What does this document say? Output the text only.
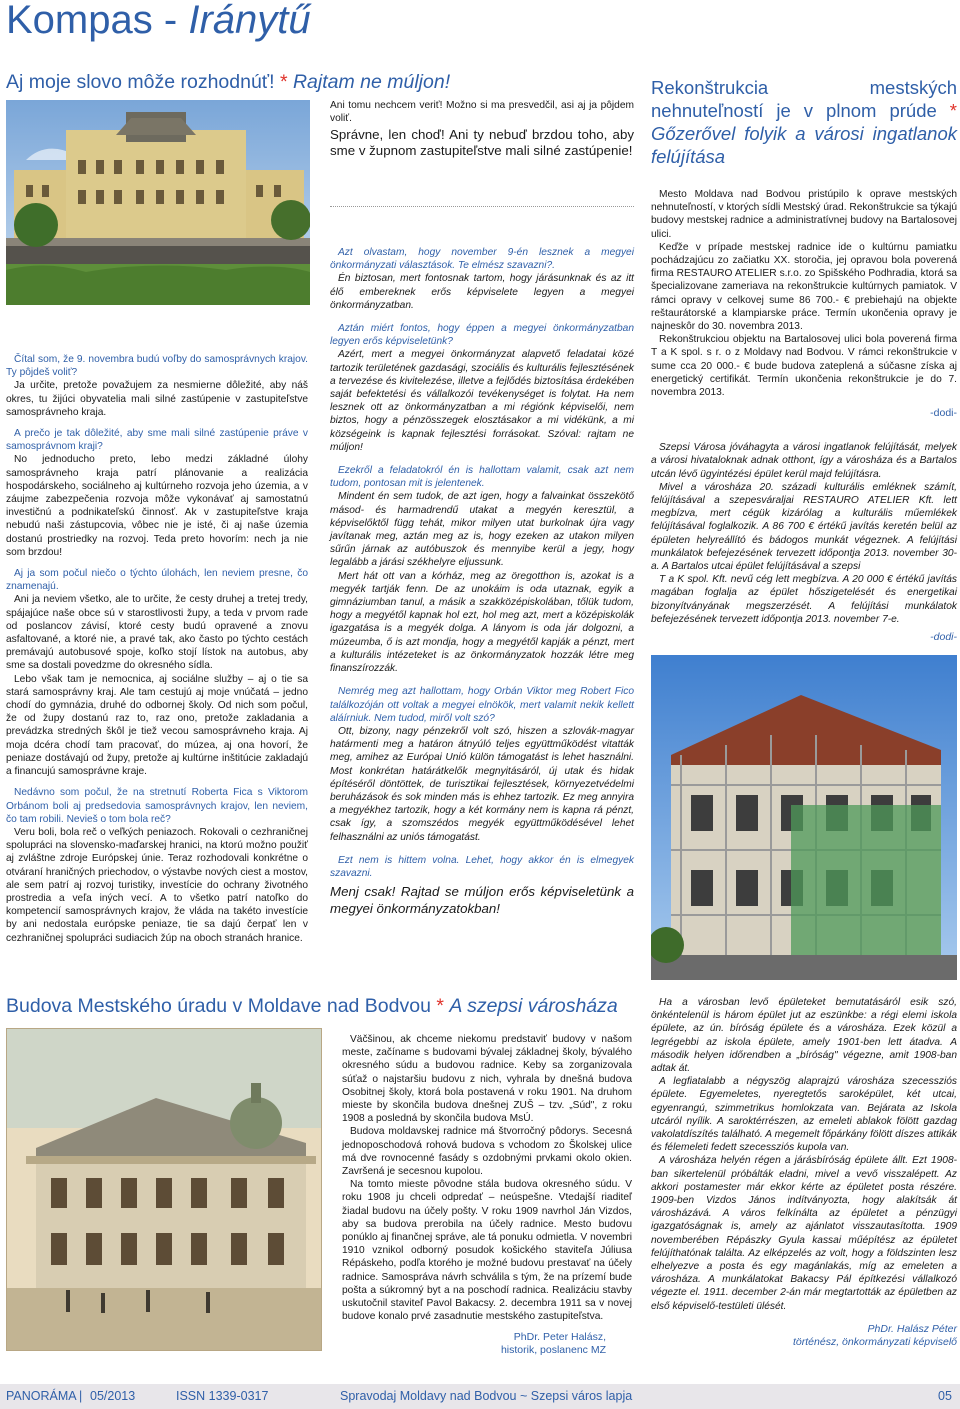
Kompas - Iránytű
Aj moje slovo môže rozhodnúť! * Rajtam ne múljon!

Čítal som, že 9. novembra budú voľby do samosprávnych krajov. Ty pôjdeš voliť?

Ja určite, pretože považujem za nesmierne dôležité, aby náš okres, tu žijúci obyvatelia mali silné zastúpenie v zastupiteľstve samosprávneho kraja.

A prečo je tak dôležité, aby sme mali silné zastúpenie práve v samosprávnom kraji?

No jednoducho preto, lebo medzi základné úlohy samosprávneho kraja patrí plánovanie a realizácia hospodárskeho, sociálneho aj kultúrneho rozvoja jeho územia, a v záujme zabezpečenia rozvoja môže vykonávať aj samostatnú investičnú a podnikateľskú činnosť. Ak v zastupiteľstve kraja nebudú naši zástupcovia, vôbec nie je isté, či aj naše územia dostanú prostriedky na rozvoj. Teda preto hovorím: nech ja nie som brzdou!

Aj ja som počul niečo o týchto úlohách, len neviem presne, čo znamenajú.

Ani ja neviem všetko, ale to určite, že cesty druhej a tretej tredy, spájajúce naše obce sú v starostlivosti župy, a teda v prvom rade od poslancov závisí, ktoré cesty budú opravené a znovu asfaltované, a ktoré nie, a pravé tak, ako často po týchto cestách premávajú autobusové spoje, koľko stojí lístok na autobus, aby sme sa dostali povedzme do okresného sídla.

Lebo však tam je nemocnica, aj sociálne služby – aj o tie sa stará samosprávny kraj. Ale tam cestujú aj moje vnúčatá – jedno chodí do gymnázia, druhé do odbornej školy. Od nich som počul, že od župy dostanú raz to, raz ono, pretože zakladania a prevádzka stredných škôl je tiež vecou samosprávneho kraja. Aj moja dcéra chodí tam pracovať, do múzea, aj ona hovorí, že peniaze dostávajú od župy, pretože aj kultúrne inštitúcie zakladajú a financujú samosprávne kraje.

Nedávno som počul, že na stretnutí Roberta Fica s Viktorom Orbánom boli aj predsedovia samosprávnych krajov, len neviem, čo tam robili. Nevieš o tom bola reč?

Veru boli, bola reč o veľkých peniazoch. Rokovali o cezhraničnej spolupráci na slovensko-maďarskej hranici, na ktorú možno použiť aj zvláštne zdroje Európskej únie. Teraz rozhodovali konkrétne o otváraní hraničných priechodov, o výstavbe nových ciest a mostov, ale sem patrí aj rozvoj turistiky, investície do ochrany životného prostredia a veľa iných vecí. A to všetko patrí natoľko do kompetencií samosprávnych krajov, že vláda na takéto investície by ani nedostala európske peniaze, tie sa dajú čerpať len v cezhraničnej spolupráci sudiacich žúp na oboch stranách hranice.

Ani tomu nechcem veriť! Možno si ma presvedčil, asi aj ja pôjdem voliť.

Správne, len choď! Ani ty nebuď brzdou toho, aby sme v župnom zastupiteľstve mali silné zastúpenie!

Azt olvastam, hogy november 9-én lesznek a megyei önkormányzati választások. Te elmész szavazni?.

Én biztosan, mert fontosnak tartom, hogy járásunknak és az itt élő embereknek erős képviselete legyen a megyei önkormányzatban.

Aztán miért fontos, hogy éppen a megyei önkormányzatban legyen erős képviseletünk?

Azért, mert a megyei önkormányzat alapvető feladatai közé tartozik területének gazdasági, szociális és kulturális fejlesztésének a tervezése és kivitelezése, illetve a fejlődés biztosítása érdekében saját befektetési és vállalkozói tevékenységet is folytat. Ha nem lesznek ott az önkormányzatban a mi régiónk képviselői, nem biztos, hogy a pénzösszegek elosztásakor a mi vidékünk, a mi községeink is kapnak fejlesztési forrásokat. Szóval: rajtam ne múljon!

Ezekről a feladatokról én is hallottam valamit, csak azt nem tudom, pontosan mit is jelentenek.

Mindent én sem tudok, de azt igen, hogy a falvainkat összekötő másod- és harmadrendű utakat a megyén keresztül, a képviselőktől függ tehát, mikor milyen utat burkolnak újra vagy javítanak meg, aztán meg az is, hogy ezeken az utakon milyen sűrűn járnak az autóbuszok és mennyibe kerül a jegy, hogy legalább a járási székhelyre eljussunk.

Mert hát ott van a kórház, meg az öregotthon is, azokat is a megyék tartják fenn. De az unokáim is oda utaznak, egyik a gimnáziumban tanul, a másik a szakközépiskolában, tőlük tudom, hogy a megyétől kapnak hol ezt, hol meg azt, mert a középiskolák igazgatása is a megyék dolga. A lányom is oda jár dolgozni, a múzeumba, ő is azt mondja, hogy a megyétől kapják a pénzt, mert a kulturális intézeteket is az önkormányzatok hozzák létre meg finanszírozzák.

Nemrég meg azt hallottam, hogy Orbán Viktor meg Robert Fico találkozóján ott voltak a megyei elnökök, mert valamit nekik kellett aláírniuk. Nem tudod, miről volt szó?

Ott, bizony, nagy pénzekről volt szó, hiszen a szlovák-magyar határmenti meg a határon átnyúló teljes együttműködést vitatták meg, amihez az Európai Unió külön támogatást is lehet használni. Most konkrétan határátkelők megnyitásáról, új utak és hidak építéséről döntöttek, de turisztikai fejlesztések, környezetvédelmi beruházások és sok minden más is ehhez tartozik. Ez meg annyira a megyékhez tartozik, hogy a két kormány nem is kapna rá pénzt, csak így, a szomszédos megyék együttműködésével lehet felhasználni az uniós támogatást.

Ezt nem is hittem volna. Lehet, hogy akkor én is elmegyek szavazni.

Menj csak! Rajtad se múljon erős képviseletünk a megyei önkormányzatokban!

Rekonštrukcia mestských nehnuteľností je v plnom prúde * Gőzerővel folyik a városi ingatlanok felújítása

Mesto Moldava nad Bodvou pristúpilo k oprave mestských nehnuteľností, v ktorých sídli Mestský úrad. Rekonštrukcie sa týkajú budovy mestskej radnice a administratívnej budovy na Bartalosovej ulici.

Keďže v prípade mestskej radnice ide o kultúrnu pamiatku pochádzajúcu zo začiatku XX. storočia, jej opravou bola poverená firma RESTAURO ATELIER s.r.o. zo Spišského Podhradia, ktorá sa špecializovane zameriava na rekonštrukcie kultúrnych pamiatok. V rámci opravy v celkovej sume 86 700.- € prebiehajú na objekte reštaurátorské a klampiarske práce. Termín ukončenia opravy je najneskôr do 30. novembra 2013.

Rekonštrukciou objektu na Bartalosovej ulici bola poverená firma T a K spol. s r. o z Moldavy nad Bodvou. V rámci rekonštrukcie v sume cca 20 000.- € bude budova zateplená a súčasne získa aj energetický certifikát. Termín ukončenia rekonštrukcie je do 7. novembra 2013.

-dodi-

Szepsi Városa jóváhagyta a városi ingatlanok felújítását, melyek a városi hivataloknak adnak otthont, így a városháza és a Bartalos utcán lévő ügyintézési épület kerül majd felújításra.

Mivel a városháza 20. századi kulturális emléknek számít, felújításával a szepesváraljai RESTAURO ATELIER Kft. lett megbízva, mert cégük kizárólag a kulturális műemlékek felújításával foglalkozik. A 86 700 € értékű javítás keretén belül az épületen helyreállító és bádogos munkát végeznek. A felújítási munkálatok befejezésének tervezett időpontja 2013. november 30-a. A Bartalos utcai épület felújításával a szepsi

T a K spol. Kft. nevű cég lett megbízva. A 20 000 € értékű javítás magában foglalja az épület hőszigetelését és energetikai bizonyítványának megszerzését. A felújítási munkálatok befejezésének tervezett időpontja 2013. november 7-e.

-dodi-

Budova Mestského úradu v Moldave nad Bodvou * A szepsi városháza

Väčšinou, ak chceme niekomu predstaviť budovy v našom meste, začíname s budovami bývalej základnej školy, bývalého okresného súdu a budovou radnice. Keby sa zorganizovala súťaž o najstaršiu budovu z nich, vyhrala by dnešná budova Osobitnej školy, ktorá bola postavená v roku 1901. Na druhom mieste by skončila budova dnešnej ZUŠ – tzv. „Súd", z roku 1908 a posledná by skončila budova MsÚ.

Budova moldavskej radnice má štvorročný pôdorys. Secesná jednoposchodová rohová budova s vchodom zo Školskej ulice má dve rovnocenné fasády s ozdobnými prvkami okolo okien. Završená je secesnou kupolou.

Na tomto mieste pôvodne stála budova okresného súdu. V roku 1908 ju chceli odpredať – neúspešne. Vtedajší riaditeľ žiadal budovu na účely pošty. V roku 1909 navrhol Ján Vizdos, aby sa budova prerobila na účely radnice. Mesto budovu ponúklo aj finančnej správe, ale tá ponuku odmietla. V novembri 1910 vznikol odborný posudok košického staviteľa Júliusa Répáskeho, podľa ktorého je možné budovu prestavať na účely radnice. Samospráva návrh schválila s tým, že na prízemí bude pošta a súkromný byt a na poschodí radnica. Realizáciu stavby uskutočnil staviteľ Pavol Bakacsy. 2. decembra 1911 sa v novej budove konalo prvé zasadnutie mestského zastupiteľstva.

PhDr. Peter Halász,

historik, poslanenc MZ

Ha a városban levő épületeket bemutatásáról esik szó, önkéntelenül is három épület jut az eszünkbe: a régi elemi iskola épülete, az ún. bíróság épülete és a városháza. Ezek közül a legrégebbi az iskola épülete, amely 1901-ben lett átadva. A második helyen időrendben a „bíróság" végezne, amit 1908-ban adtak át.

A legfiatalabb a négyszög alaprajzú városháza szecessziós épülete. Egyemeletes, nyeregtetős saroképület, két utcai, egyenrangú, szimmetrikus homlokzata van. Bejárata az Iskola utcáról nyílik. A saroktérrészen, az emeleti ablakok fölött gazdag vakolatdíszítés található. A megemelt főpárkány fölött díszes attikák és félemeleti fedett szecessziós kupola van.

A városháza helyén régen a járásbíróság épülete állt. Ezt 1908-ban sikertelenül próbálták eladni, mivel a vevő visszalépett. Az akkori postamester már ekkor kérte az épületet posta részére. 1909-ben Vizdos János indítványozta, hogy alakítsák át városházává. A város felkínálta az épületet a pénzügyi igazgatóságnak is, amely az ajánlatot visszautasította. 1909 novemberében Répászky Gyula kassai műépítész az épületet felújíthatónak találta. Az elképzelés az volt, hogy a földszinten lesz elhelyezve a posta és egy magánlakás, míg az emeleten a városháza. A munkálatokat Bakacsy Pál építkezési vállalkozó végezte el. 1911. december 2-án már megtartották az épületben az első képviselő-testületi ülését.

PhDr. Halász Péter

történész, önkormányzati képviselő

PANORÁMA | 05/2013	ISSN 1339-0317	Spravodaj Moldavy nad Bodvou ~ Szepsi város lapja	05
